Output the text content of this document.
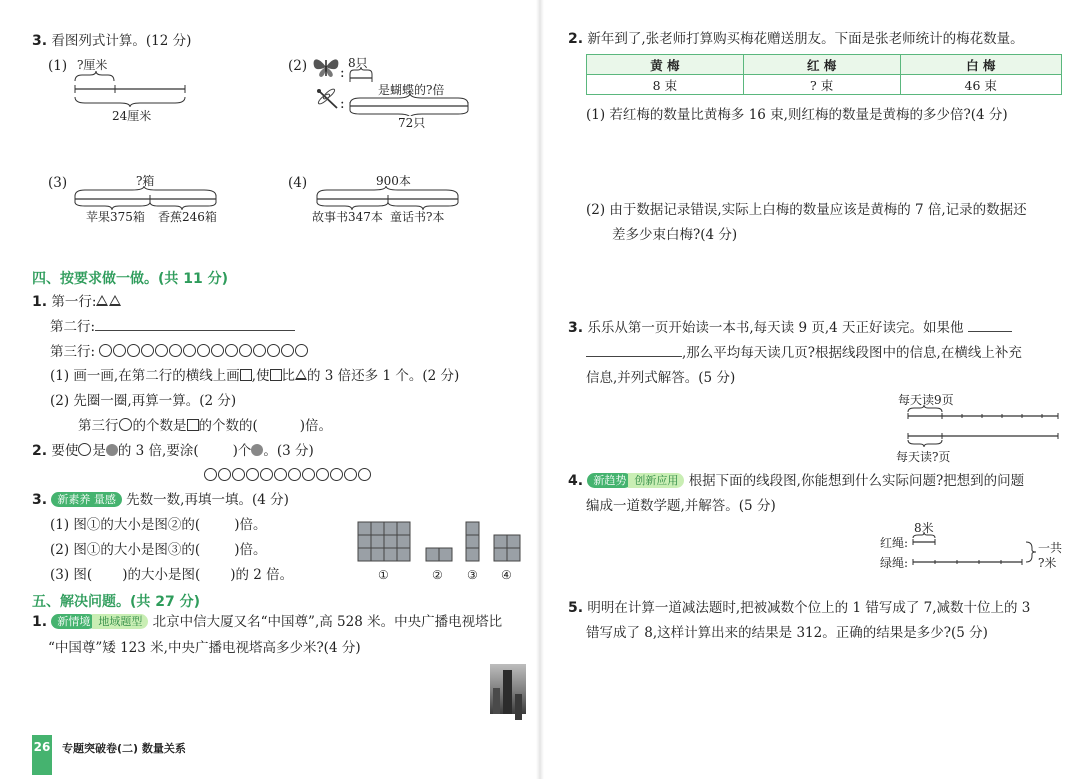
3. 看图列式计算。(12 分)
(1) ?厘米
24厘米
(2)	8只
:
:
是蝴蝶的?倍
72只
(3)	?箱
苹果375箱 香蕉246箱
(4)	900本
故事书347本 童话书?本
四、按要求做一做。(共 11 分)
1. 第一行:
第二行:
第三行:
(1) 画一画,在第二行的横线上画 ,使 比 的 3 倍还多 1 个。(2 分)
(2) 先圈一圈,再算一算。(2 分)
第三行 的个数是 的个数的(	)倍。
2. 要使 是 的 3 倍,要涂(	)个 。(3 分)
3. 新素养 量感 先数一数,再填一填。(4 分)
(1) 图①的大小是图②的(	)倍。
(2) 图①的大小是图③的(	)倍。
(3) 图( )的大小是图( )的 2 倍。	①	② ③ ④
五、解决问题。(共 27 分)
1. 新情境 地域题型 北京中信大厦又名“中国尊”,高 528 米。中央广播电视塔比
“中国尊”矮 123 米,中央广播电视塔高多少米?(4 分)
26 专题突破卷(二) 数量关系
2. 新年到了,张老师打算购买梅花赠送朋友。下面是张老师统计的梅花数量。
黄 梅	红 梅	白 梅
8 束	? 束	46 束
(1) 若红梅的数量比黄梅多 16 束,则红梅的数量是黄梅的多少倍?(4 分)
(2) 由于数据记录错误,实际上白梅的数量应该是黄梅的 7 倍,记录的数据还
差多少束白梅?(4 分)
3. 乐乐从第一页开始读一本书,每天读 9 页,4 天正好读完。如果他
,那么平均每天读几页?根据线段图中的信息,在横线上补充
信息,并列式解答。(5 分)
每天读9页
每天读?页
4. 新趋势 创新应用 根据下面的线段图,你能想到什么实际问题?把想到的问题
编成一道数学题,并解答。(5 分)
8米
红绳:
绿绳:
一共
?米
5. 明明在计算一道减法题时,把被减数个位上的 1 错写成了 7,减数十位上的 3
错写成了 8,这样计算出来的结果是 312。正确的结果是多少?(5 分)
